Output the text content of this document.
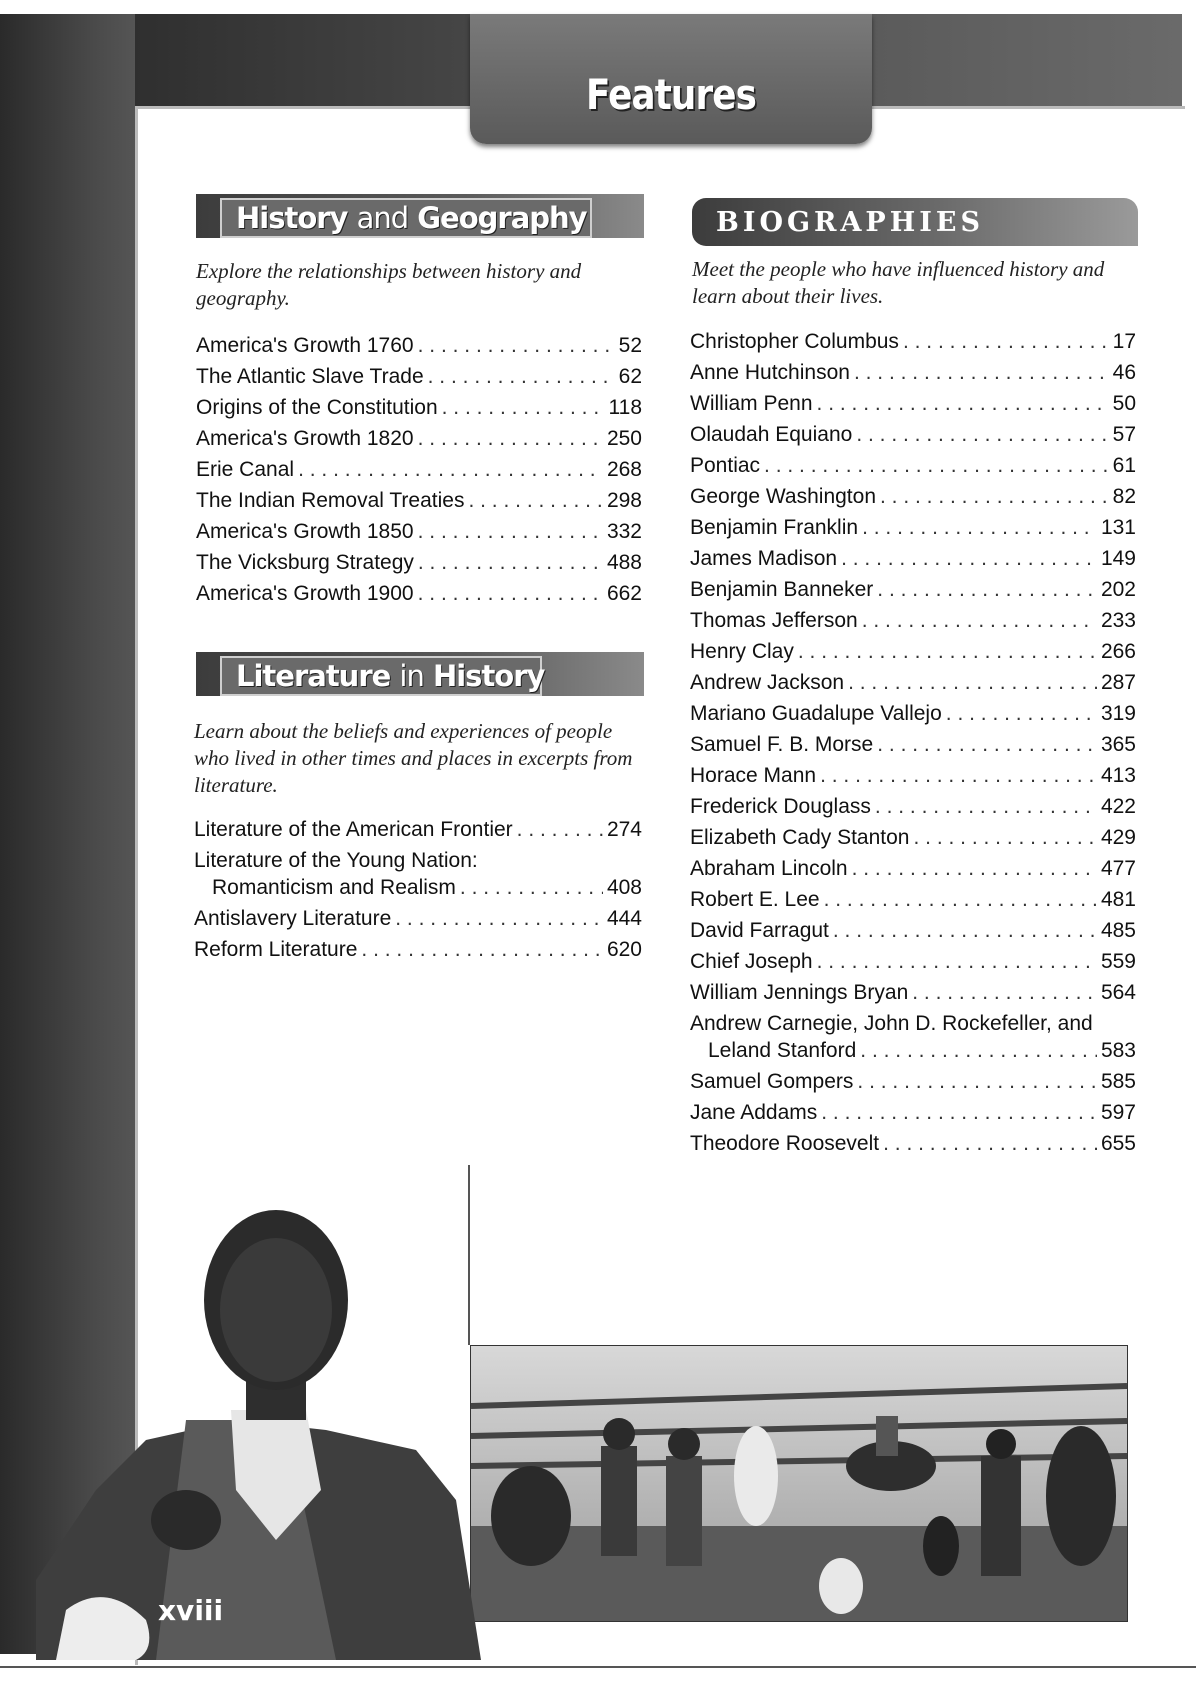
Features
History and Geography
Explore the relationships between history and geography.
America's Growth 1760 . . .	52
The Atlantic Slave Trade . . .	62
Origins of the Constitution . . .	118
America's Growth 1820 . . .	250
Erie Canal . . .	268
The Indian Removal Treaties . . .	298
America's Growth 1850 . . .	332
The Vicksburg Strategy . . .	488
America's Growth 1900 . . .	662
Literature in History
Learn about the beliefs and experiences of people who lived in other times and places in excerpts from literature.
Literature of the American Frontier . . .	274
Literature of the Young Nation:
Romanticism and Realism . . .	408
Antislavery Literature . . .	444
Reform Literature . . .	620
BIOGRAPHIES
Meet the people who have influenced history and learn about their lives.
Christopher Columbus . . .	17
Anne Hutchinson . . .	46
William Penn . . .	50
Olaudah Equiano . . .	57
Pontiac . . .	61
George Washington . . .	82
Benjamin Franklin . . .	131
James Madison . . .	149
Benjamin Banneker . . .	202
Thomas Jefferson . . .	233
Henry Clay . . .	266
Andrew Jackson . . .	287
Mariano Guadalupe Vallejo . . .	319
Samuel F. B. Morse . . .	365
Horace Mann . . .	413
Frederick Douglass . . .	422
Elizabeth Cady Stanton . . .	429
Abraham Lincoln . . .	477
Robert E. Lee . . .	481
David Farragut . . .	485
Chief Joseph . . .	559
William Jennings Bryan . . .	564
Andrew Carnegie, John D. Rockefeller, and
Leland Stanford . . .	583
Samuel Gompers . . .	585
Jane Addams . . .	597
Theodore Roosevelt . . .	655
xviii
